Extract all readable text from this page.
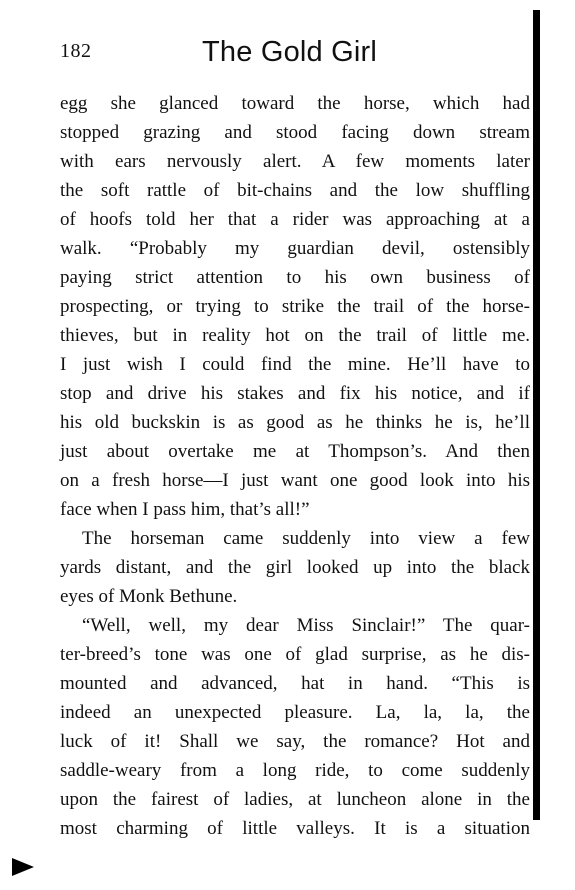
182	The Gold Girl
egg she glanced toward the horse, which had
stopped grazing and stood facing down stream
with ears nervously alert. A few moments later
the soft rattle of bit-chains and the low shuffling
of hoofs told her that a rider was approaching at a
walk. “Probably my guardian devil, ostensibly
paying strict attention to his own business of
prospecting, or trying to strike the trail of the horse-
thieves, but in reality hot on the trail of little me.
I just wish I could find the mine. He’ll have to
stop and drive his stakes and fix his notice, and if
his old buckskin is as good as he thinks he is, he’ll
just about overtake me at Thompson’s. And then
on a fresh horse—I just want one good look into his
face when I pass him, that’s all!”
The horseman came suddenly into view a few
yards distant, and the girl looked up into the black
eyes of Monk Bethune.
“Well, well, my dear Miss Sinclair!” The quar-
ter-breed’s tone was one of glad surprise, as he dis-
mounted and advanced, hat in hand. “This is
indeed an unexpected pleasure. La, la, la, the
luck of it! Shall we say, the romance? Hot and
saddle-weary from a long ride, to come suddenly
upon the fairest of ladies, at luncheon alone in the
most charming of little valleys. It is a situation
